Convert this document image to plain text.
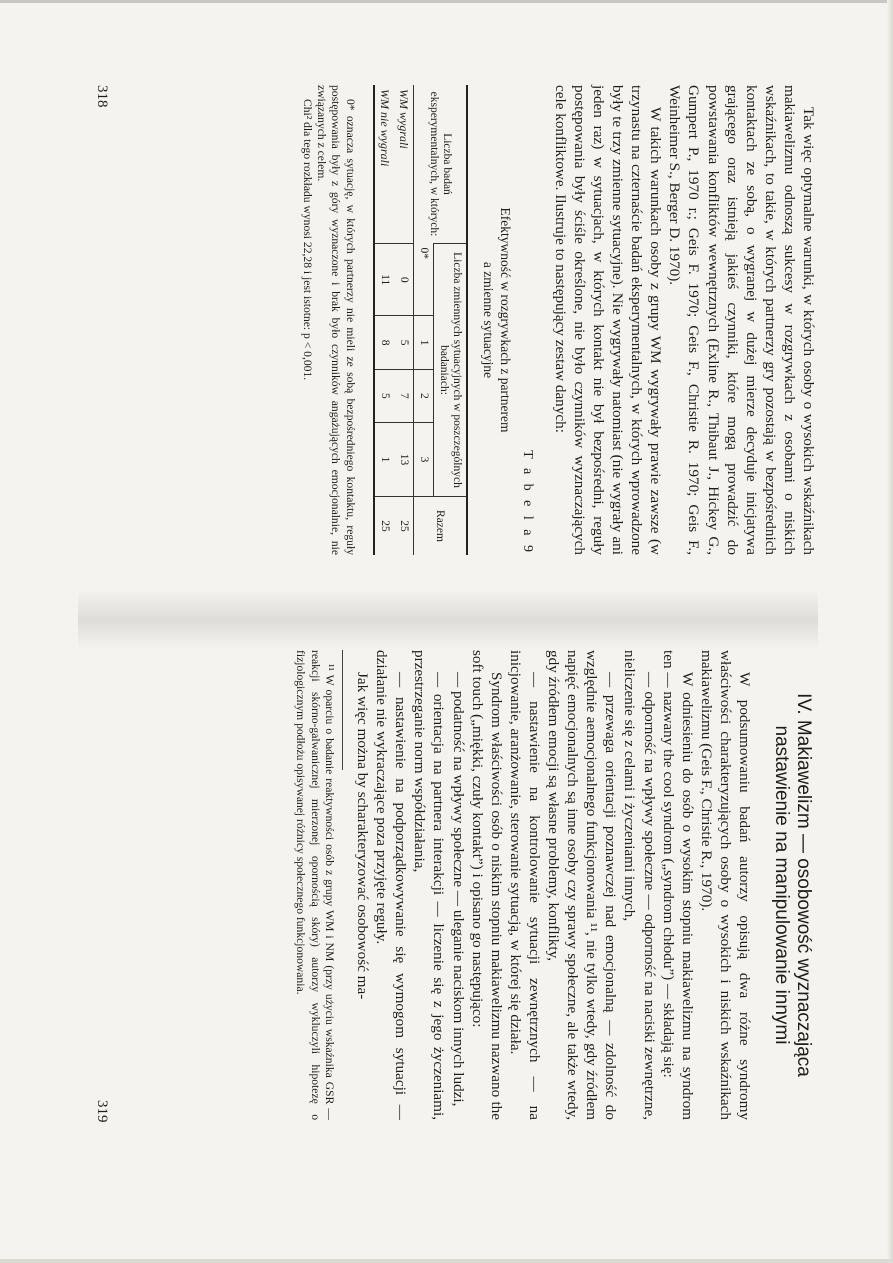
Tak więc optymalne warunki, w których osoby o wysokich wskaźnikach makiawelizmu odnoszą sukcesy w rozgrywkach z osobami o niskich wskaźnikach, to takie, w których partnerzy gry pozostają w bezpośrednich kontaktach ze sobą, o wygranej w dużej mierze decyduje inicjatywa grającego oraz istnieją jakieś czynniki, które mogą prowadzić do powstawania konfliktów wewnętrznych (Exline R., Thibaut J., Hickey G., Gumpert P., 1970 r.; Geis F. 1970; Geis F., Christie R. 1970; Geis F., Weinheimer S., Berger D. 1970).

W takich warunkach osoby z grupy WM wygrywały prawie zawsze (w trzynastu na czternaście badań eksperymentalnych, w których wprowadzone były te trzy zmienne sytuacyjne). Nie wygrywały natomiast (nie wygrały ani jeden raz) w sytuacjach, w których kontakt nie był bezpośredni, reguły postępowania były ściśle określone, nie było czynników wyznaczających cele konfliktowe. Ilustruje to następujący zestaw danych:

T a b e l a 9
Efektywność w rozgrywkach z partnerem
a zmienne sytuacyjne
Liczba badań eksperymentalnych, w których:	Liczba zmiennych sytuacyjnych w poszczególnych badaniach:				Razem
	0*	1	2	3	
WM wygrali	0	5	7	13	25
WM nie wygrali	11	8	5	1	25

0* oznacza sytuację, w których partnerzy nie mieli ze sobą bezpośredniego kontaktu, reguły postępowania były z góry wyznaczone i brak było czynników angażujących emocjonalnie, nie związanych z celem.

Chi² dla tego rozkładu wynosi 22,28 i jest istotne: p < 0,001.

318
IV. Makiawelizm — osobowość wyznaczająca
nastawienie na manipulowanie innymi

W podsumowaniu badań autorzy opisują dwa różne syndromy właściwości charakteryzujących osoby o wysokich i niskich wskaźnikach makiawelizmu (Geis F., Christie R., 1970).

W odniesieniu do osób o wysokim stopniu makiawelizmu na syndrom ten — nazwany the cool syndrom („syndrom chłodu”) — składają się:

— odporność na wpływy społeczne — odporność na naciski zewnętrzne, nieliczenie się z celami i życzeniami innych,

— przewaga orientacji poznawczej nad emocjonalną — zdolność do względnie aemocjonalnego funkcjonowania ¹¹, nie tylko wtedy, gdy źródłem napięć emocjonalnych są inne osoby czy sprawy społeczne, ale także wtedy, gdy źródłem emocji są własne problemy, konflikty,

— nastawienie na kontrolowanie sytuacji zewnętrznych — na inicjowanie, aranżowanie, sterowanie sytuacją, w której się działa.

Syndrom właściwości osób o niskim stopniu makiawelizmu nazwano the soft touch („miękki, czuły kontakt”) i opisano go następująco:

— podatność na wpływy społeczne — uleganie naciskom innych ludzi,

— orientacja na partnera interakcji — liczenie się z jego życzeniami, przestrzeganie norm współdziałania,

— nastawienie na podporządkowywanie się wymogom sytuacji — działanie nie wykraczające poza przyjęte reguły.

Jak więc można by scharakteryzować osobowość ma-

¹¹ W oparciu o badanie reaktywności osób z grupy WM i NM (przy użyciu wskaźnika GSR — reakcji skórno-galwanicznej mierzonej opornością skóry) autorzy wykluczyli hipotezę o fizjologicznym podłożu opisywanej różnicy społecznego funkcjonowania.

319
